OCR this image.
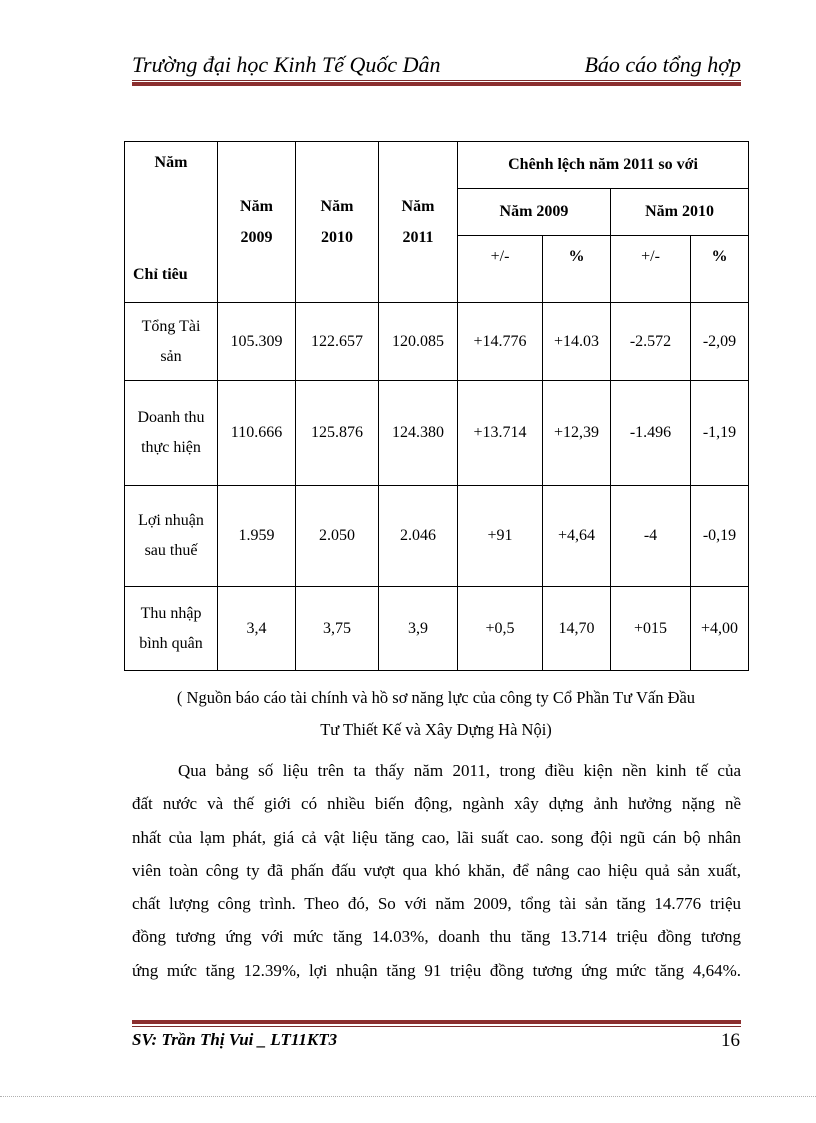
Trường đại học Kinh Tế Quốc Dân	Báo cáo tổng hợp
Năm
Chỉ tiêu	Năm 2009	Năm 2010	Năm 2011	Chênh lệch năm 2011 so với			
				Năm 2009		Năm 2010	
				+/-	%	+/-	%

Tổng Tài sản	105.309	122.657	120.085	+14.776	+14.03	-2.572	-2,09

Doanh thu thực hiện	110.666	125.876	124.380	+13.714	+12,39	-1.496	-1,19

Lợi nhuận sau thuế	1.959	2.050	2.046	+91	+4,64	-4	-0,19

Thu nhập bình quân	3,4	3,75	3,9	+0,5	14,70	+015	+4,00
( Nguồn báo cáo tài chính và hồ sơ năng lực của công ty Cổ Phần Tư Vấn Đầu
Tư Thiết Kế và Xây Dựng Hà Nội)
Qua bảng số liệu trên ta thấy năm 2011, trong điều kiện nền kinh tế của
đất nước và thế giới có nhiều biến động, ngành xây dựng ảnh hưởng nặng nề
nhất của lạm phát, giá cả vật liệu tăng cao, lãi suất cao. song đội ngũ cán bộ nhân
viên toàn công ty đã phấn đấu vượt qua khó khăn, để nâng cao hiệu quả sản xuất,
chất lượng công trình. Theo đó, So với năm 2009, tổng tài sản tăng 14.776 triệu
đồng tương ứng với mức tăng 14.03%, doanh thu tăng 13.714 triệu đồng tương
ứng mức tăng 12.39%, lợi nhuận tăng 91 triệu đồng tương ứng mức tăng 4,64%.
SV: Trần Thị Vui _ LT11KT3	16
